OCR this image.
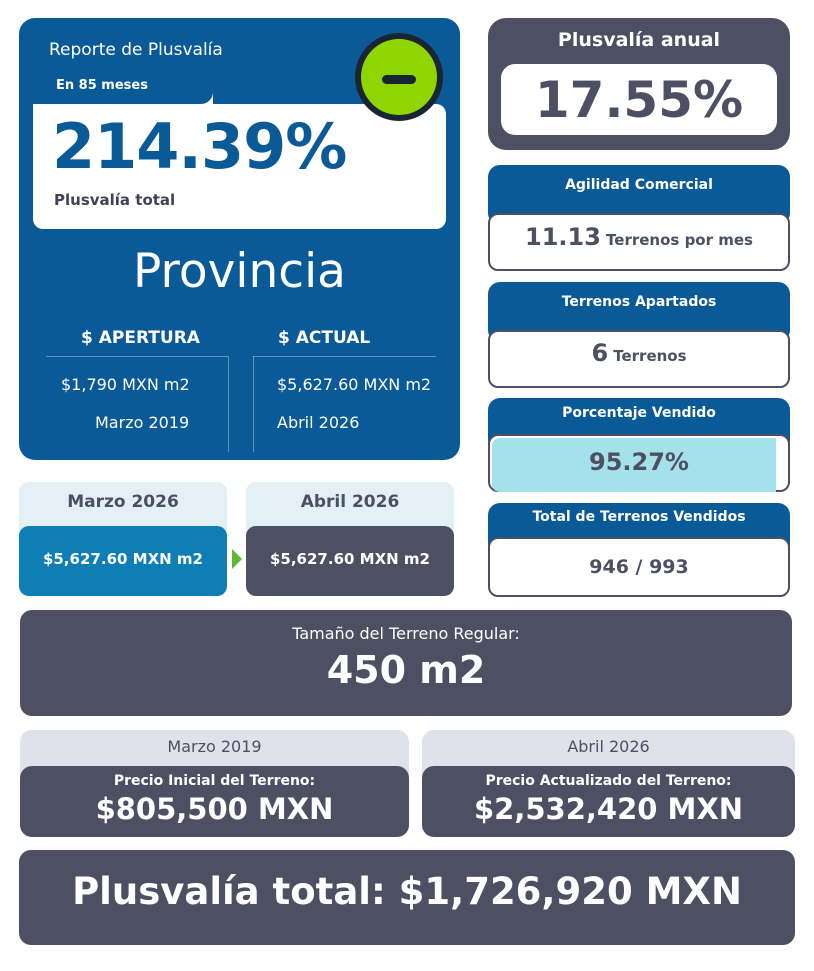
Reporte de Plusvalía
En 85 meses
214.39%
Plusvalía total
Provincia
$ APERTURA	$ ACTUAL
$1,790 MXN m2
Marzo 2019
$5,627.60 MXN m2
Abril 2026
Plusvalía anual
17.55%
Agilidad Comercial
11.13 Terrenos por mes
Terrenos Apartados
6 Terrenos
Porcentaje Vendido
95.27%
Total de Terrenos Vendidos
946 / 993
Marzo 2026
$5,627.60 MXN m2
Abril 2026
$5,627.60 MXN m2
Tamaño del Terreno Regular:
450 m2
Marzo 2019
Precio Inicial del Terreno:
$805,500 MXN
Abril 2026
Precio Actualizado del Terreno:
$2,532,420 MXN
Plusvalía total: $1,726,920 MXN
